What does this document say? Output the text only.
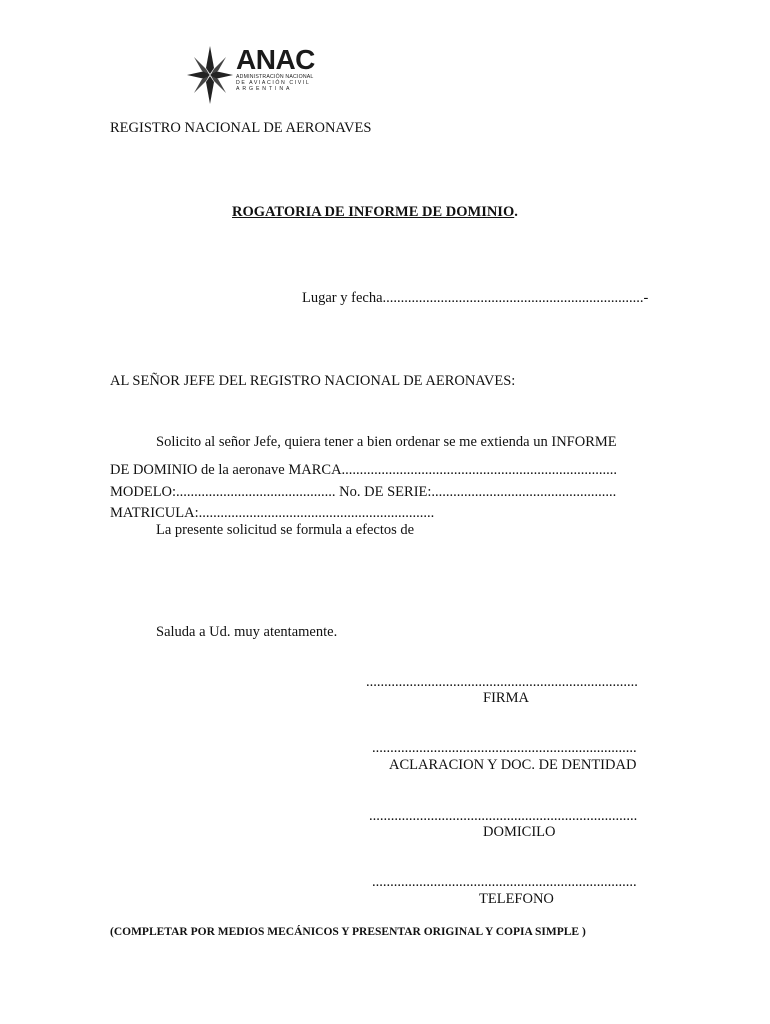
ANAC
ADMINISTRACIÓN NACIONAL
DE AVIACIÓN CIVIL
ARGENTINA
REGISTRO NACIONAL DE AERONAVES
ROGATORIA DE INFORME DE DOMINIO.
Lugar y fecha........................................................................-
AL SEÑOR JEFE DEL REGISTRO NACIONAL DE AERONAVES:
Solicito al señor Jefe, quiera tener a bien ordenar se me extienda un INFORME
DE DOMINIO de la aeronave MARCA............................................................................
MODELO:............................................ No. DE SERIE:...................................................
MATRICULA:.................................................................
La presente solicitud se formula a efectos de
Saluda a Ud. muy atentamente.
...........................................................................
FIRMA
.........................................................................
ACLARACION Y DOC. DE DENTIDAD
..........................................................................
DOMICILO
.........................................................................
TELEFONO
(COMPLETAR POR MEDIOS MECÁNICOS Y PRESENTAR ORIGINAL Y COPIA SIMPLE )
